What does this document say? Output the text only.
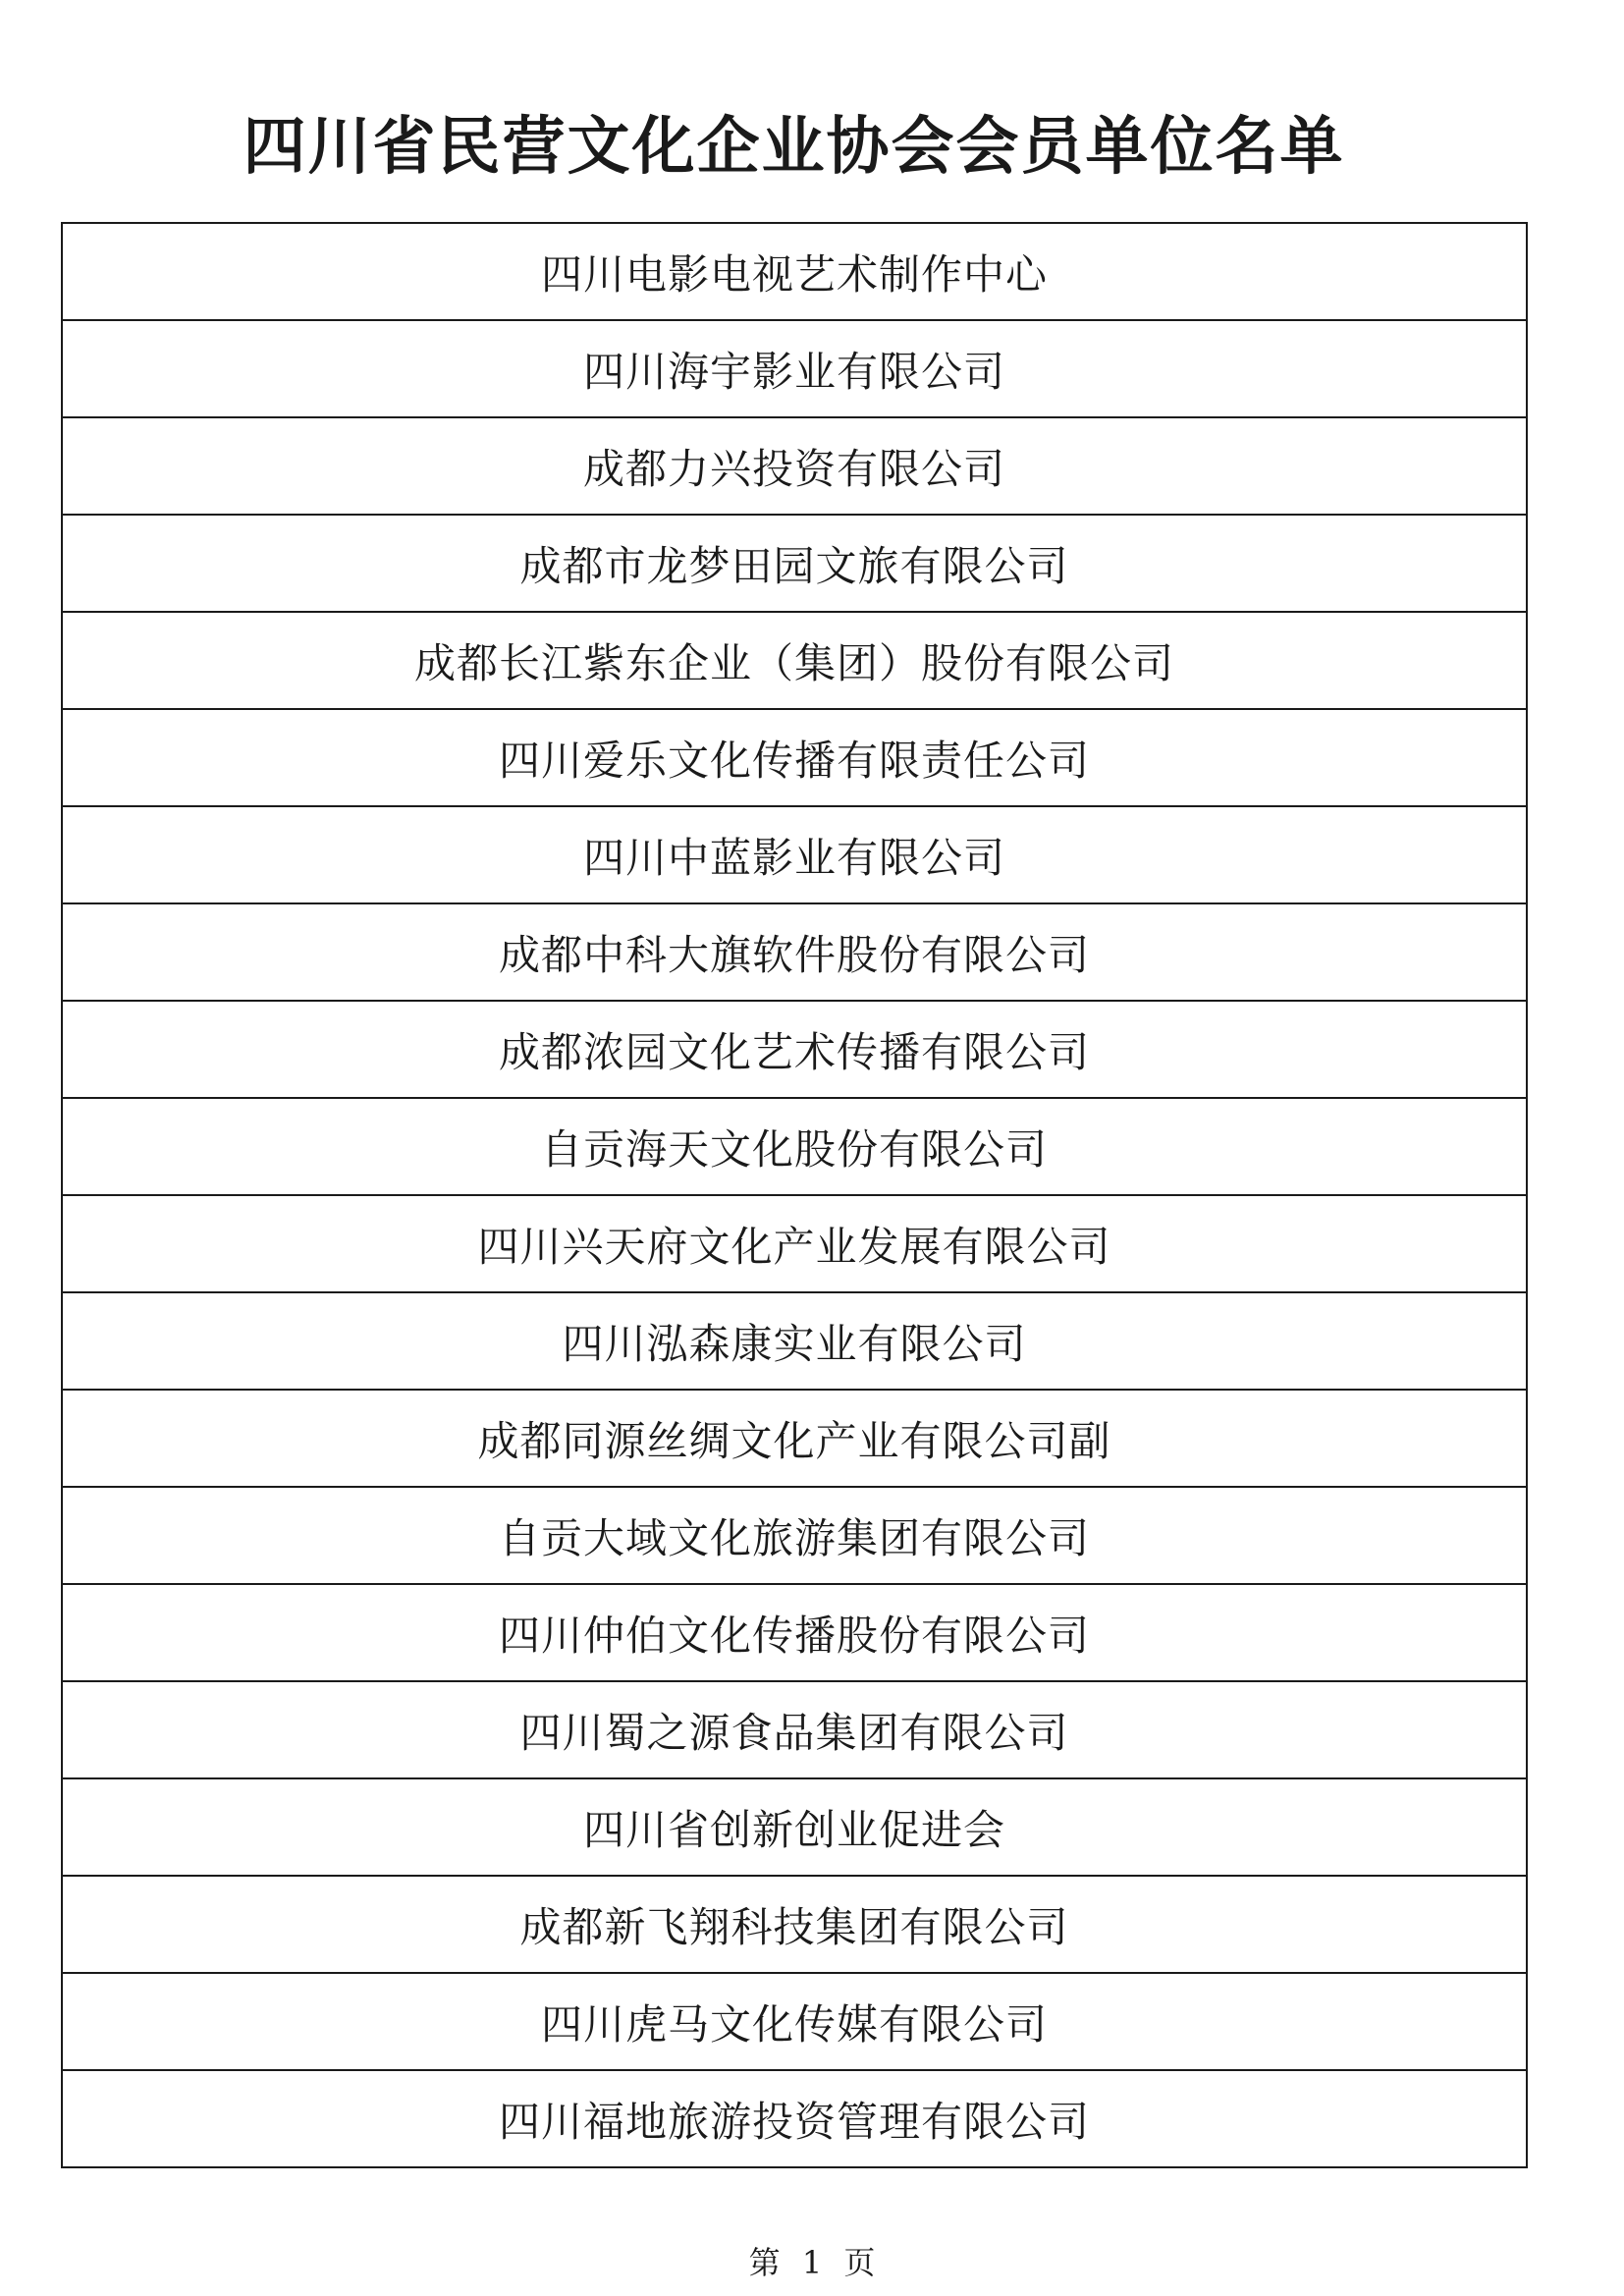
四川省民营文化企业协会会员单位名单
四川电影电视艺术制作中心
四川海宇影业有限公司
成都力兴投资有限公司
成都市龙梦田园文旅有限公司
成都长江紫东企业（集团）股份有限公司
四川爱乐文化传播有限责任公司
四川中蓝影业有限公司
成都中科大旗软件股份有限公司
成都浓园文化艺术传播有限公司
自贡海天文化股份有限公司
四川兴天府文化产业发展有限公司
四川泓森康实业有限公司
成都同源丝绸文化产业有限公司副
自贡大域文化旅游集团有限公司
四川仲伯文化传播股份有限公司
四川蜀之源食品集团有限公司
四川省创新创业促进会
成都新飞翔科技集团有限公司
四川虎马文化传媒有限公司
四川福地旅游投资管理有限公司
第 1 页
